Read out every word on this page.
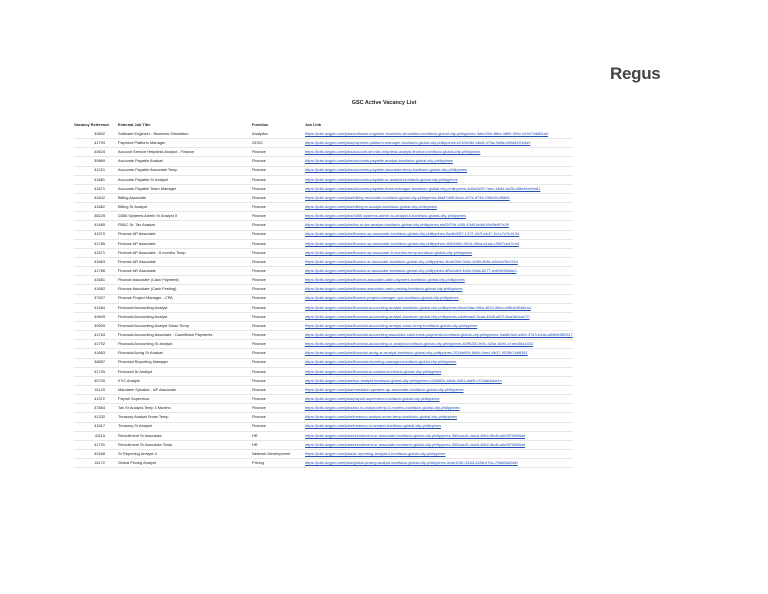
Regus
GSC Active Vacancy List
Vacancy Reference	External Job Title	Function	Job Link
39652	Software Engineer - Business Simulation	Analytics	https://jobs.iwgplc.com/jobs/software-engineer-business-simulation-bonifacio-global-city-philippines-3a0c25fc-f8ba-4869-900c-619c74d881a3
41794	Payment Platform Manager	GDSC	https://jobs.iwgplc.com/jobs/payment-platform-manager-bonifacio-global-city-philippines-e210b28e-b8e5-473a-9e5a-b59e81f2b9a9
40624	Account Service Helpdesk Analyst - Finance	Finance	https://jobs.iwgplc.com/jobs/account-service-helpdesk-analyst-finance-bonifacio-global-city-philippines
39869	Accounts Payable Analyst	Finance	https://jobs.iwgplc.com/jobs/accounts-payable-analyst-bonifacio-global-city-philippines
41221	Accounts Payable Associate Temp	Finance	https://jobs.iwgplc.com/jobs/accounts-payable-associate-temp-bonifacio-global-city-philippines
41881	Accounts Payable Sr Analyst	Finance	https://jobs.iwgplc.com/jobs/accounts-payable-sr-analyst-bonifacio-global-city-philippines
41671	Accounts Payable Team Manager	Finance	https://jobs.iwgplc.com/jobs/accounts-payable-team-manager-bonifacio-global-city-philippines-4d5d1b09-7ebc-4bd4-bb28-d8bef4eb0e81
41642	Billing Associate	Finance	https://jobs.iwgplc.com/jobs/billing-associate-bonifacio-global-city-philippines-6fa87a98-5bce-407e-8746-158e51c5f8e6
41882	Billing Sr Analyst	Finance	https://jobs.iwgplc.com/jobs/billing-sr-analyst-bonifacio-global-city-philippines
38225	D365 Systems Admin Sr Analyst II	Finance	https://jobs.iwgplc.com/jobs/d365-systems-admin-sr-analyst-ii-bonifacio-global-city-philippines
41485	FB&C Sr. Tax Analyst	Finance	https://jobs.iwgplc.com/jobs/fbc-sr-tax-analyst-bonifacio-global-city-philippines-eb63f79d-44f5-43d0-bbb8-f9d0fe5f7e29
41570	Finance AP Associate	Finance	https://jobs.iwgplc.com/jobs/finance-ap-associate-bonifacio-global-city-philippines-5ad6d287-1372-4b7f-ab47-1b1c747b4134
41785	Finance AP Associate	Finance	https://jobs.iwgplc.com/jobs/finance-ap-associate-bonifacio-global-city-philippines-1f2b09d2-9914-46ea-a1aa-c3667ced7e4d
41571	Finance AP Associate - 6 months Temp	Finance	https://jobs.iwgplc.com/jobs/finance-ap-associate-6-months-temp-bonifacio-global-city-philippines
41663	Finance AR Associate	Finance	https://jobs.iwgplc.com/jobs/finance-ar-associate-bonifacio-global-city-philippines-4bde29ef-0b4c-4b89-8b5c-a2ddc29e331d
41786	Finance AR Associate	Finance	https://jobs.iwgplc.com/jobs/finance-ar-associate-bonifacio-global-city-philippines-df5cbde9-4e0c-49ab-8277-ec89e42fddc0
41681	Finance Associate (Cash Payment)	Finance	https://jobs.iwgplc.com/jobs/finance-associate-cash-payment-bonifacio-global-city-philippines
41682	Finance Associate (Cash Posting)	Finance	https://jobs.iwgplc.com/jobs/finance-associate-cash-posting-bonifacio-global-city-philippines
37927	Finance Project Manager - CPA	Finance	https://jobs.iwgplc.com/jobs/finance-project-manager-cpa-bonifacio-global-city-philippines
41484	Financial Accounting Analyst	Finance	https://jobs.iwgplc.com/jobs/financial-accounting-analyst-bonifacio-global-city-philippines-5edc3dac-9f6a-4624-8bbc-e96b6354de4d
40849	Financial Accounting Analyst	Finance	https://jobs.iwgplc.com/jobs/financial-accounting-analyst-bonifacio-global-city-philippines-cddbbae5-3caa-4948-a67f-3ea0fd1cdc70
39905	Financial Accounting Analyst Smax Temp	Finance	https://jobs.iwgplc.com/jobs/financial-accounting-analyst-smax-temp-bonifacio-global-city-philippines
41763	Financial Accounting Associate - Cash/Bank Payments	Finance	https://jobs.iwgplc.com/jobs/financial-accounting-associate-cash-bank-payments-bonifacio-global-city-philippines-9ad8b3c8-a469-4763-b2da-a586fe980317
41792	Financial Accounting Sr Analyst	Finance	https://jobs.iwgplc.com/jobs/financial-accounting-sr-analyst-bonifacio-global-city-philippines-61ff5250-fe3c-425a-82e4-c7aec56a1833
41883	Financial Acctg Sr Analyst	Finance	https://jobs.iwgplc.com/jobs/financial-acctg-sr-analyst-bonifacio-global-city-philippines-2016a909-8b0d-4ee4-8b37-9028b7b88381
38887	Financial Reporting Manager	Finance	https://jobs.iwgplc.com/jobs/financial-reporting-manager-bonifacio-global-city-philippines
41795	Financial Sr Analyst	Finance	https://jobs.iwgplc.com/jobs/financial-sr-analyst-bonifacio-global-city-philippines
40730	KYC Analyst	Finance	https://jobs.iwgplc.com/jobs/kyc-analyst-bonifacio-global-city-philippines-c2d06f2c-b84d-4081-a6e9-c724ab3cbe1c
41120	Mandarin Speaker - AP Associate	Finance	https://jobs.iwgplc.com/jobs/mandarin-speaker-ap-associate-bonifacio-global-city-philippines
41372	Payroll Supervisor	Finance	https://jobs.iwgplc.com/jobs/payroll-supervisor-bonifacio-global-city-philippines
37884	Tax Sr Analyst-Temp 3 Months	Finance	https://jobs.iwgplc.com/jobs/tax-sr-analyst-temp-3-months-bonifacio-global-city-philippines
41332	Treasury Analyst Smax Temp	Finance	https://jobs.iwgplc.com/jobs/treasury-analyst-smax-temp-bonifacio-global-city-philippines
41617	Treasury Sr Analyst	Finance	https://jobs.iwgplc.com/jobs/treasury-sr-analyst-bonifacio-global-city-philippines
41115	Recruitment Sr Associate	HR	https://jobs.iwgplc.com/jobs/recruitment-sr-associate-bonifacio-global-city-philippines-350caa41-da4d-48b2-8bd9-a6d3f75d98dd
41791	Recruitment Sr Associate Temp	HR	https://jobs.iwgplc.com/jobs/recruitment-sr-associate-bonifacio-global-city-philippines-350caa41-da4d-48b2-8bd9-a6d3f75d98dd
40168	Sr Reporting Analyst II	Network Development	https://jobs.iwgplc.com/jobs/sr-reporting-analyst-ii-bonifacio-global-city-philippines
41172	Global Pricing Analyst	Pricing	https://jobs.iwgplc.com/jobs/global-pricing-analyst-bonifacio-global-city-philippines-4cbb1051-5163-4288-b7bc-70686dd284f
